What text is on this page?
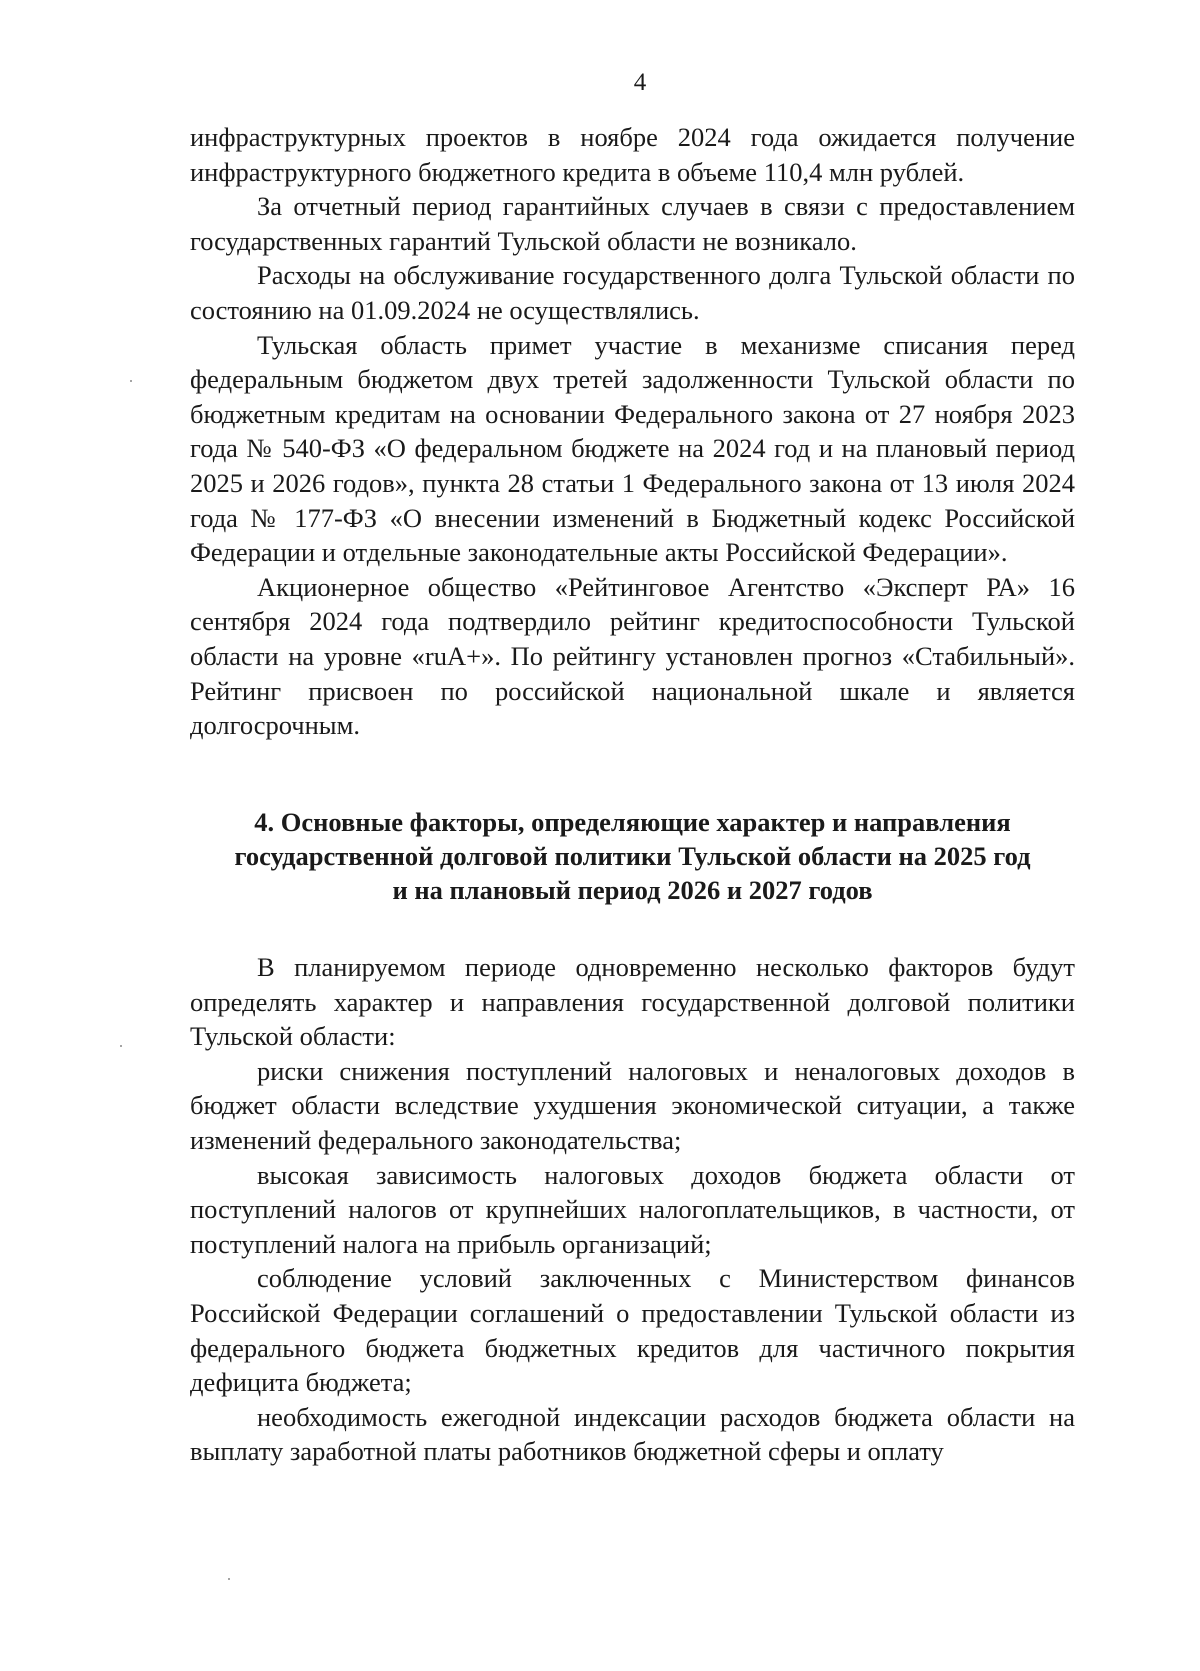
4

инфраструктурных проектов в ноябре 2024 года ожидается получение инфраструктурного бюджетного кредита в объеме 110,4 млн рублей.

За отчетный период гарантийных случаев в связи с предоставлением государственных гарантий Тульской области не возникало.

Расходы на обслуживание государственного долга Тульской области по состоянию на 01.09.2024 не осуществлялись.

Тульская область примет участие в механизме списания перед федеральным бюджетом двух третей задолженности Тульской области по бюджетным кредитам на основании Федерального закона от 27 ноября 2023 года № 540-ФЗ «О федеральном бюджете на 2024 год и на плановый период 2025 и 2026 годов», пункта 28 статьи 1 Федерального закона от 13 июля 2024 года № 177-ФЗ «О внесении изменений в Бюджетный кодекс Российской Федерации и отдельные законодательные акты Российской Федерации».

Акционерное общество «Рейтинговое Агентство «Эксперт РА» 16 сентября 2024 года подтвердило рейтинг кредитоспособности Тульской области на уровне «ruA+». По рейтингу установлен прогноз «Стабильный». Рейтинг присвоен по российской национальной шкале и является долгосрочным.

4. Основные факторы, определяющие характер и направления
государственной долговой политики Тульской области на 2025 год
и на плановый период 2026 и 2027 годов

В планируемом периоде одновременно несколько факторов будут определять характер и направления государственной долговой политики Тульской области:

риски снижения поступлений налоговых и неналоговых доходов в бюджет области вследствие ухудшения экономической ситуации, а также изменений федерального законодательства;

высокая зависимость налоговых доходов бюджета области от поступлений налогов от крупнейших налогоплательщиков, в частности, от поступлений налога на прибыль организаций;

соблюдение условий заключенных с Министерством финансов Российской Федерации соглашений о предоставлении Тульской области из федерального бюджета бюджетных кредитов для частичного покрытия дефицита бюджета;

необходимость ежегодной индексации расходов бюджета области на выплату заработной платы работников бюджетной сферы и оплату
